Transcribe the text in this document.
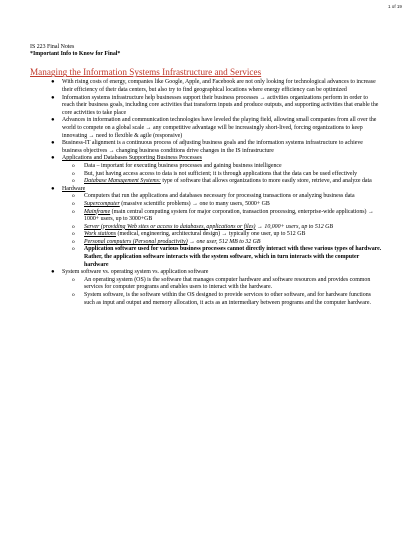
1 of 19
IS 223 Final Notes
*Important Info to Know for Final*
Managing the Information Systems Infrastructure and Services
● With rising costs of energy, companies like Google, Apple, and Facebook are not only looking for technological advances to increase their efficiency of their data centers, but also try to find geographical locations where energy efficiency can be optimized
● Information systems infrastructure help businesses support their business processes → activities organizations perform in order to reach their business goals, including core activities that transform inputs and produce outputs, and supporting activities that enable the core activities to take place
● Advances in information and communication technologies have leveled the playing field, allowing small companies from all over the world to compete on a global scale → any competitive advantage will be increasingly short-lived, forcing organizations to keep innovating → need to flexible & agile (responsive)
● Business-IT alignment is a continuous process of adjusting business goals and the information systems infrastructure to achieve business objectives → changing business conditions drive changes in the IS infrastructure
● Applications and Databases Supporting Business Processes
o Data – important for executing business processes and gaining business intelligence
o But, just having access access to data is not sufficient; it is through applications that the data can be used effectively
o Database Management Systems: type of software that allows organizations to more easily store, retrieve, and analyze data
● Hardware
o Computers that run the applications and databases necessary for processing transactions or analyzing business data
o Supercomputer (massive scientific problems) → one to many users, 5000+ GB
o Mainframe (main central computing system for major corporation, transaction processing, enterprise-wide applications) → 1000+ users, up to 3000+GB
o Server (providing Web sites or access to databases, applications or files) → 10,000+ users, up to 512 GB
o Work stations (medical, engineering, architectural design) → typically one user, up to 512 GB
o Personal computers (Personal productivity) → one user, 512 MB to 32 GB
o Application software used for various business processes cannot directly interact with these various types of hardware. Rather, the application software interacts with the system software, which in turn interacts with the computer hardware
● System software vs. operating system vs. application software
o An operating system (OS) is the software that manages computer hardware and software resources and provides common services for computer programs and enables users to interact with the hardware.
o System software, is the software within the OS designed to provide services to other software, and for hardware functions such as input and output and memory allocation, it acts as an intermediary between programs and the computer hardware.
